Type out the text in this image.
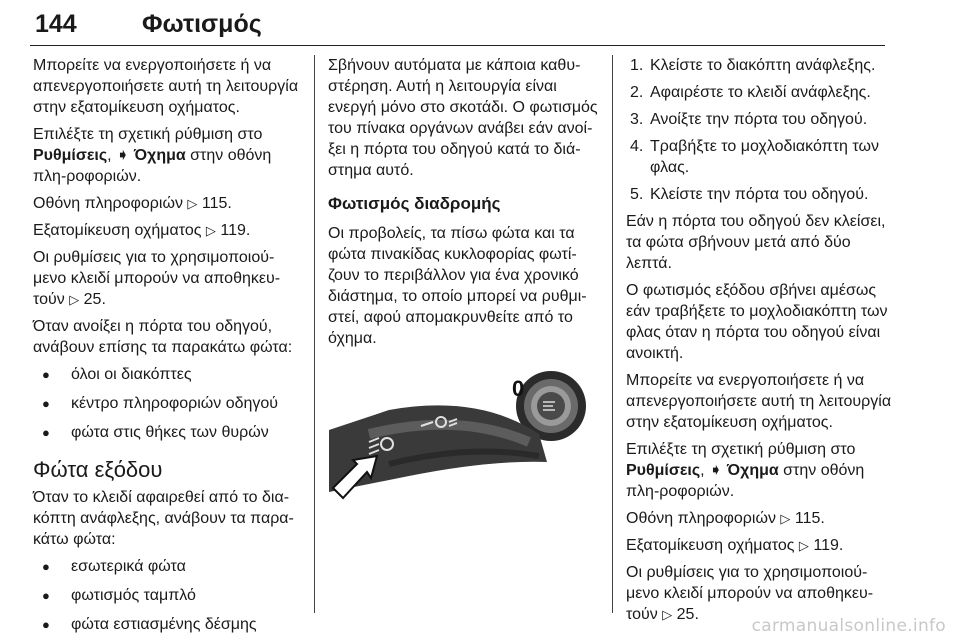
144	Φωτισμός

Μπορείτε να ενεργοποιήσετε ή να απενεργοποιήσετε αυτή τη λειτουργία στην εξατομίκευση οχήματος.

Επιλέξτε τη σχετική ρύθμιση στο Ρυθμίσεις, ➧ Όχημα στην οθόνη πλη-ροφοριών.

Οθόνη πληροφοριών ▷ 115.

Εξατομίκευση οχήματος ▷ 119.

Οι ρυθμίσεις για το χρησιμοποιού-μενο κλειδί μπορούν να αποθηκευ-τούν ▷ 25.

Όταν ανοίξει η πόρτα του οδηγού, ανάβουν επίσης τα παρακάτω φώτα:

● όλοι οι διακόπτες
● κέντρο πληροφοριών οδηγού
● φώτα στις θήκες των θυρών
Φώτα εξόδου

Όταν το κλειδί αφαιρεθεί από το δια-κόπτη ανάφλεξης, ανάβουν τα παρα-κάτω φώτα:

● εσωτερικά φώτα
● φωτισμός ταμπλό
● φώτα εστιασμένης δέσμης

Σβήνουν αυτόματα με κάποια καθυ-στέρηση. Αυτή η λειτουργία είναι ενεργή μόνο στο σκοτάδι. Ο φωτισμός του πίνακα οργάνων ανάβει εάν ανοί-ξει η πόρτα του οδηγού κατά το διά-στημα αυτό.

Φωτισμός διαδρομής

Οι προβολείς, τα πίσω φώτα και τα φώτα πινακίδας κυκλοφορίας φωτί-ζουν το περιβάλλον για ένα χρονικό διάστημα, το οποίο μπορεί να ρυθμι-στεί, αφού απομακρυνθείτε από το όχημα.

0
1. Κλείστε το διακόπτη ανάφλεξης.
2. Αφαιρέστε το κλειδί ανάφλεξης.
3. Ανοίξτε την πόρτα του οδηγού.
4. Τραβήξτε το μοχλοδιακόπτη των φλας.
5. Κλείστε την πόρτα του οδηγού.

Εάν η πόρτα του οδηγού δεν κλείσει, τα φώτα σβήνουν μετά από δύο λεπτά.

Ο φωτισμός εξόδου σβήνει αμέσως εάν τραβήξετε το μοχλοδιακόπτη των φλας όταν η πόρτα του οδηγού είναι ανοικτή.

Μπορείτε να ενεργοποιήσετε ή να απενεργοποιήσετε αυτή τη λειτουργία στην εξατομίκευση οχήματος.

Επιλέξτε τη σχετική ρύθμιση στο Ρυθμίσεις, ➧ Όχημα στην οθόνη πλη-ροφοριών.

Οθόνη πληροφοριών ▷ 115.

Εξατομίκευση οχήματος ▷ 119.

Οι ρυθμίσεις για το χρησιμοποιού-μενο κλειδί μπορούν να αποθηκευ-τούν ▷ 25.

carmanualsonline.info
